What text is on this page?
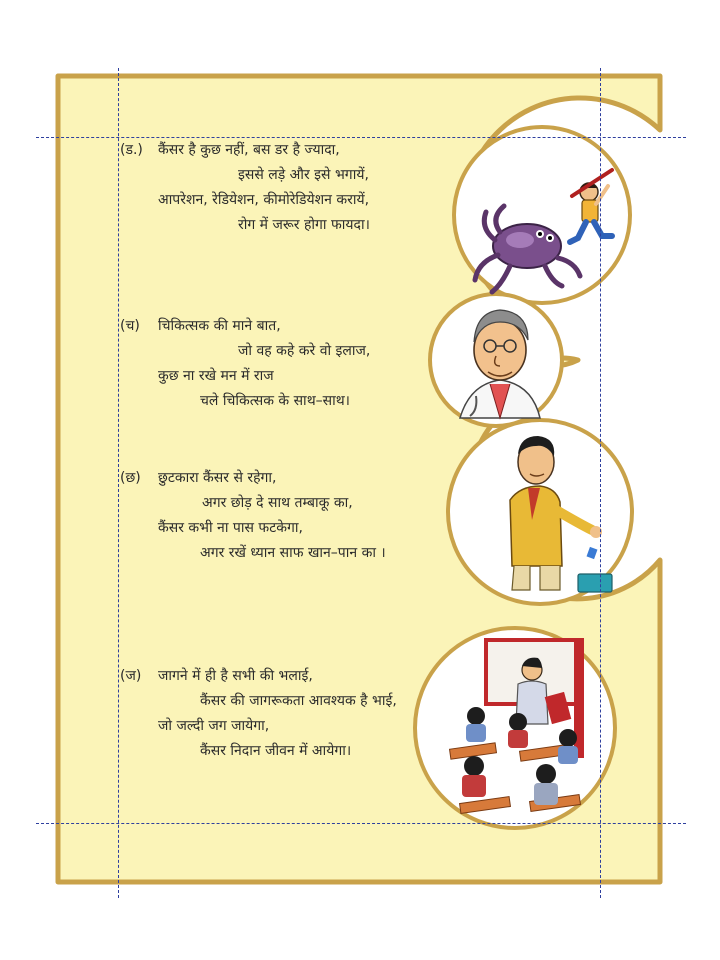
(ड.)	कैंसर है कुछ नहीं, बस डर है ज्यादा,
इससे लड़े और इसे भगायें,
आपरेशन, रेडियेशन, कीमोरेडियेशन करायें,
रोग में जरूर होगा फायदा।
(च)	चिकित्सक की माने बात,
जो वह कहे करे वो इलाज,
कुछ ना रखे मन में राज
चले चिकित्सक के साथ–साथ।
(छ)	छुटकारा कैंसर से रहेगा,
अगर छोड़ दे साथ तम्बाकू का,
कैंसर कभी ना पास फटकेगा,
अगर रखें ध्यान साफ खान–पान का ।
(ज)	जागने में ही है सभी की भलाई,
कैंसर की जागरूकता आवश्यक है भाई,
जो जल्दी जग जायेगा,
कैंसर निदान जीवन में आयेगा।
